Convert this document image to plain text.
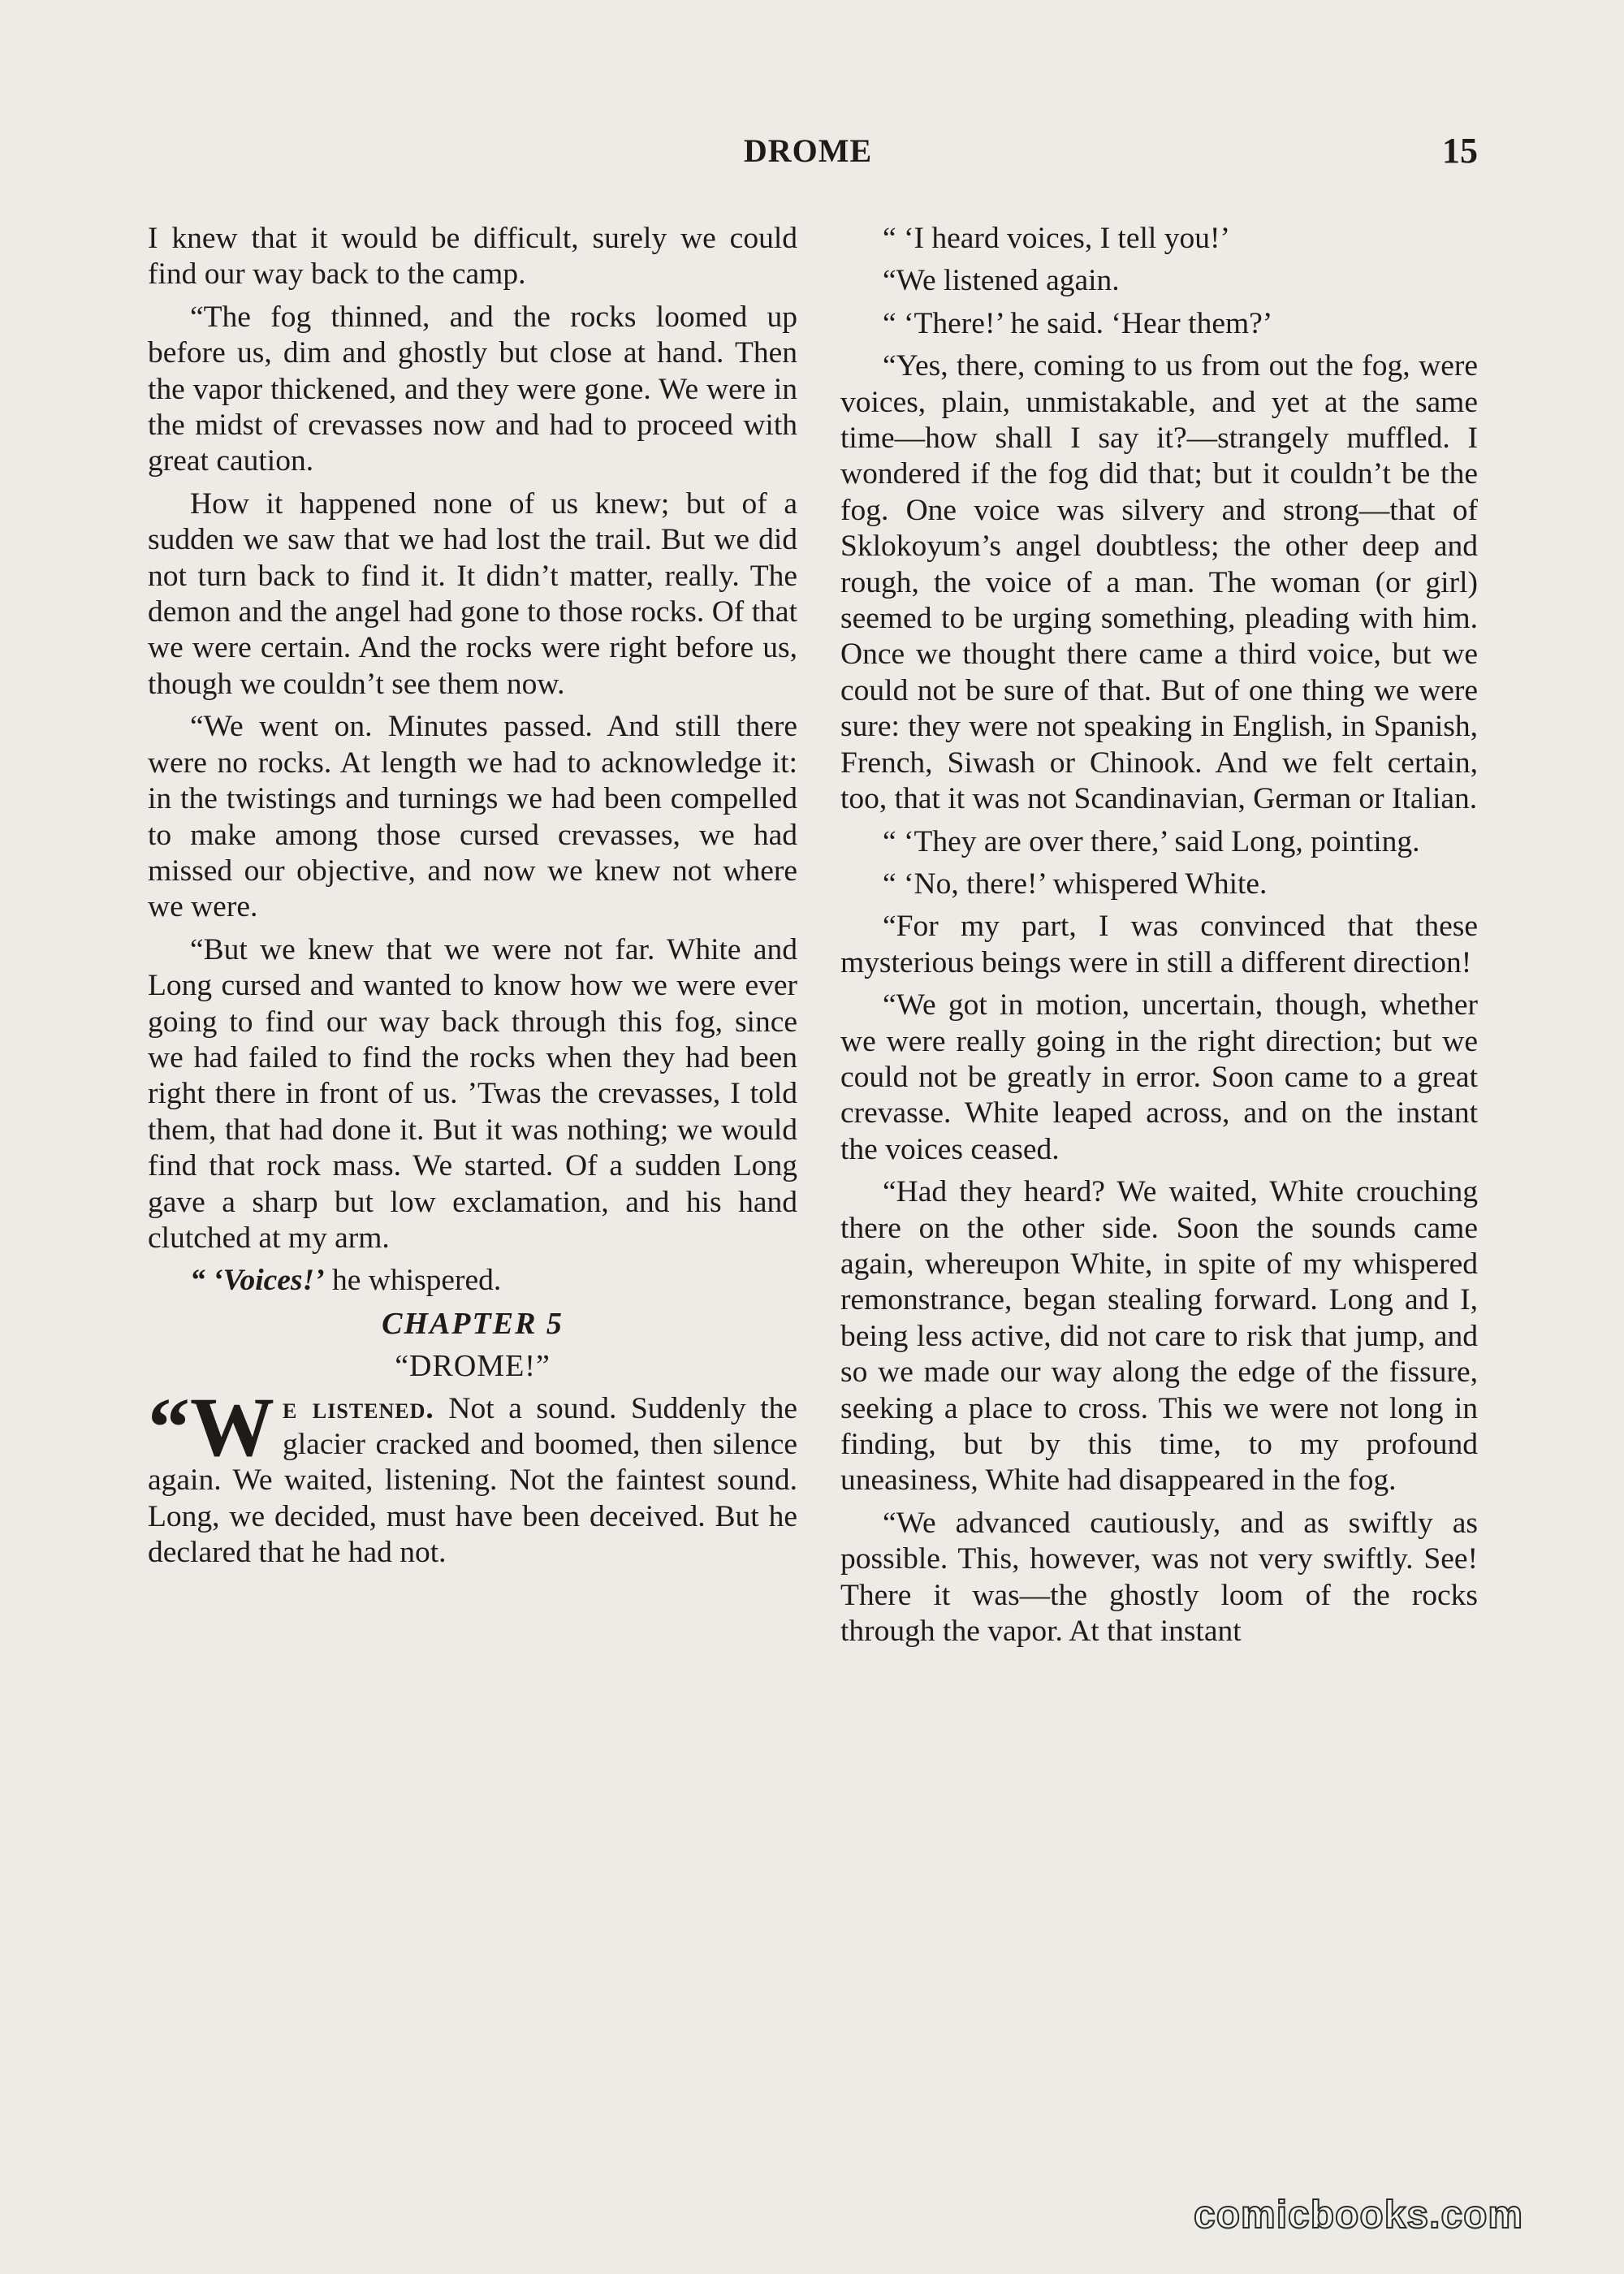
DROME	15

I knew that it would be difficult, surely we could find our way back to the camp.

“The fog thinned, and the rocks loomed up before us, dim and ghostly but close at hand. Then the vapor thickened, and they were gone. We were in the midst of crevasses now and had to proceed with great caution.

How it happened none of us knew; but of a sudden we saw that we had lost the trail. But we did not turn back to find it. It didn’t matter, really. The demon and the angel had gone to those rocks. Of that we were certain. And the rocks were right before us, though we couldn’t see them now.

“We went on. Minutes passed. And still there were no rocks. At length we had to acknowledge it: in the twistings and turnings we had been compelled to make among those cursed crevasses, we had missed our objective, and now we knew not where we were.

“But we knew that we were not far. White and Long cursed and wanted to know how we were ever going to find our way back through this fog, since we had failed to find the rocks when they had been right there in front of us. ’Twas the crevasses, I told them, that had done it. But it was nothing; we would find that rock mass. We started. Of a sudden Long gave a sharp but low exclamation, and his hand clutched at my arm.

“ ‘Voices!’ he whispered.

CHAPTER 5

“DROME!”

“W e listened. Not a sound. Suddenly the glacier cracked and boomed, then silence again. We waited, listening. Not the faintest sound. Long, we decided, must have been deceived. But he declared that he had not.

“ ‘I heard voices, I tell you!’

“We listened again.

“ ‘There!’ he said. ‘Hear them?’

“Yes, there, coming to us from out the fog, were voices, plain, unmistakable, and yet at the same time—how shall I say it?—strangely muffled. I wondered if the fog did that; but it couldn’t be the fog. One voice was silvery and strong—that of Sklokoyum’s angel doubtless; the other deep and rough, the voice of a man. The woman (or girl) seemed to be urging something, pleading with him. Once we thought there came a third voice, but we could not be sure of that. But of one thing we were sure: they were not speaking in English, in Spanish, French, Siwash or Chinook. And we felt certain, too, that it was not Scandinavian, German or Italian.

“ ‘They are over there,’ said Long, pointing.

“ ‘No, there!’ whispered White.

“For my part, I was convinced that these mysterious beings were in still a different direction!

“We got in motion, uncertain, though, whether we were really going in the right direction; but we could not be greatly in error. Soon came to a great crevasse. White leaped across, and on the instant the voices ceased.

“Had they heard? We waited, White crouching there on the other side. Soon the sounds came again, whereupon White, in spite of my whispered remonstrance, began stealing forward. Long and I, being less active, did not care to risk that jump, and so we made our way along the edge of the fissure, seeking a place to cross. This we were not long in finding, but by this time, to my profound uneasiness, White had disappeared in the fog.

“We advanced cautiously, and as swiftly as possible. This, however, was not very swiftly. See! There it was—the ghostly loom of the rocks through the vapor. At that instant

comicbooks.com
